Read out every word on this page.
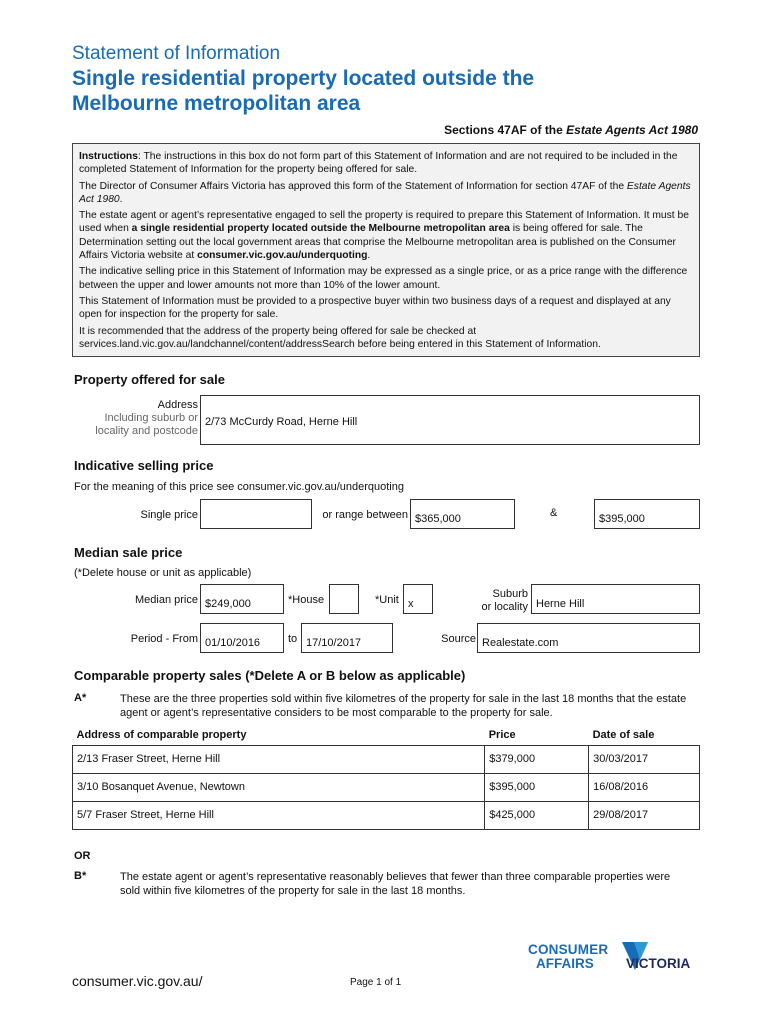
Statement of Information
Single residential property located outside the
Melbourne metropolitan area
Sections 47AF of the Estate Agents Act 1980

Instructions: The instructions in this box do not form part of this Statement of Information and are not required to be included in the completed Statement of Information for the property being offered for sale.

The Director of Consumer Affairs Victoria has approved this form of the Statement of Information for section 47AF of the Estate Agents Act 1980.

The estate agent or agent’s representative engaged to sell the property is required to prepare this Statement of Information. It must be used when a single residential property located outside the Melbourne metropolitan area is being offered for sale. The Determination setting out the local government areas that comprise the Melbourne metropolitan area is published on the Consumer Affairs Victoria website at consumer.vic.gov.au/underquoting.

The indicative selling price in this Statement of Information may be expressed as a single price, or as a price range with the difference between the upper and lower amounts not more than 10% of the lower amount.

This Statement of Information must be provided to a prospective buyer within two business days of a request and displayed at any open for inspection for the property for sale.

It is recommended that the address of the property being offered for sale be checked at services.land.vic.gov.au/landchannel/content/addressSearch before being entered in this Statement of Information.

Property offered for sale
Address
Including suburb or
locality and postcode
2/73 McCurdy Road, Herne Hill
Indicative selling price
For the meaning of this price see consumer.vic.gov.au/underquoting
Single price	or range between $365,000	&	$395,000
Median sale price
(*Delete house or unit as applicable)
Median price $249,000	*House	*Unit x
Suburb
or locality Herne Hill
Period - From 01/10/2016	to 17/10/2017	Source Realestate.com
Comparable property sales (*Delete A or B below as applicable)
A*	These are the three properties sold within five kilometres of the property for sale in the last 18 months that the estate agent or agent’s representative considers to be most comparable to the property for sale.
Address of comparable property	Price	Date of sale
2/13 Fraser Street, Herne Hill	$379,000	30/03/2017
3/10 Bosanquet Avenue, Newtown	$395,000	16/08/2016
5/7 Fraser Street, Herne Hill	$425,000	29/08/2017
OR
B*	The estate agent or agent’s representative reasonably believes that fewer than three comparable properties were sold within five kilometres of the property for sale in the last 18 months.
consumer.vic.gov.au/	Page 1 of 1
CONSUMER
AFFAIRS VICTORIA
